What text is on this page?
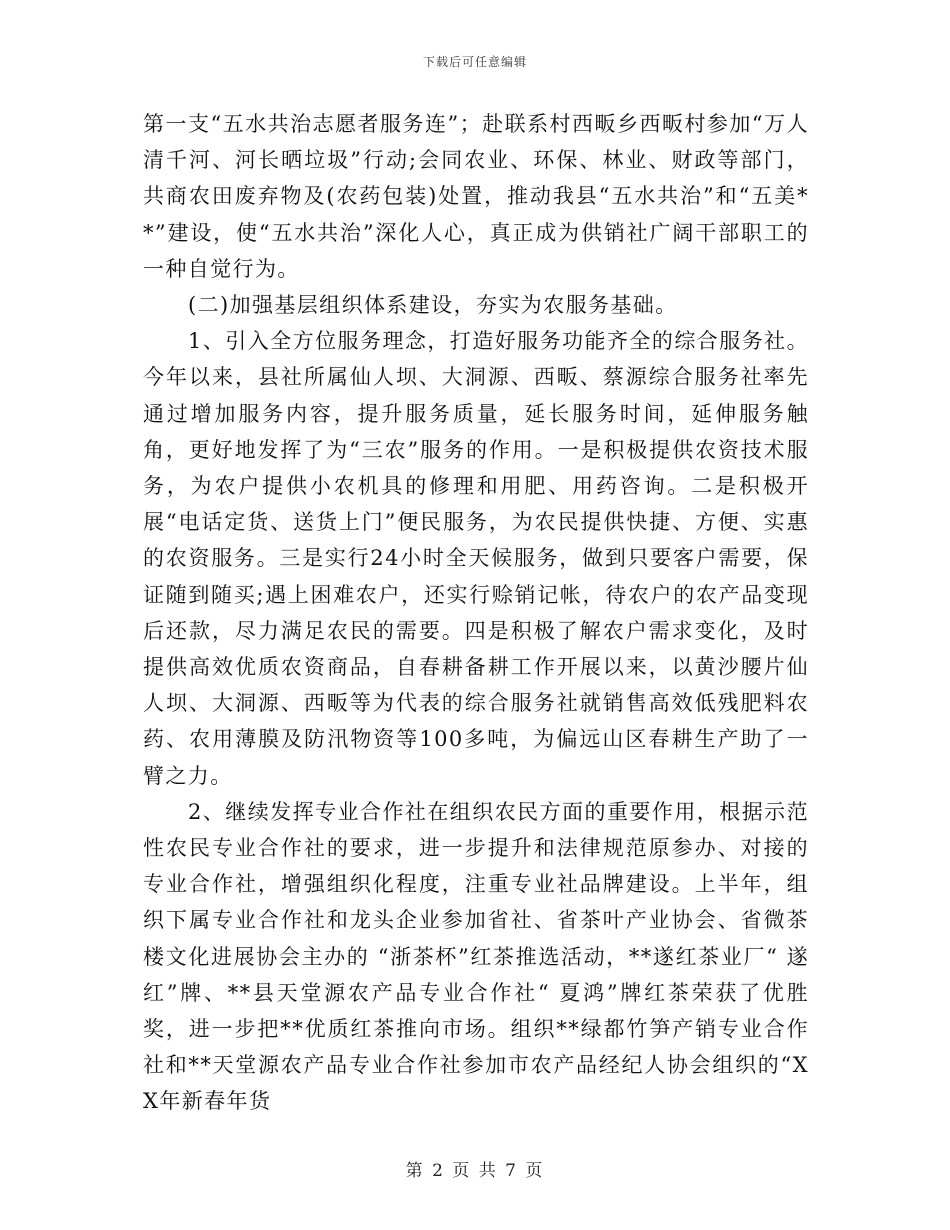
下载后可任意编辑

第一支“五水共治志愿者服务连”；赴联系村西畈乡西畈村参加“万人清千河、河长晒垃圾”行动;会同农业、环保、林业、财政等部门，共商农田废弃物及(农药包装)处置，推动我县“五水共治”和“五美**”建设，使“五水共治”深化人心，真正成为供销社广阔干部职工的一种自觉行为。

(二)加强基层组织体系建设，夯实为农服务基础。

1、引入全方位服务理念，打造好服务功能齐全的综合服务社。今年以来，县社所属仙人坝、大洞源、西畈、蔡源综合服务社率先通过增加服务内容，提升服务质量，延长服务时间，延伸服务触角，更好地发挥了为“三农”服务的作用。一是积极提供农资技术服务，为农户提供小农机具的修理和用肥、用药咨询。二是积极开展“电话定货、送货上门”便民服务，为农民提供快捷、方便、实惠的农资服务。三是实行24小时全天候服务，做到只要客户需要，保证随到随买;遇上困难农户，还实行赊销记帐，待农户的农产品变现后还款，尽力满足农民的需要。四是积极了解农户需求变化，及时提供高效优质农资商品，自春耕备耕工作开展以来，以黄沙腰片仙人坝、大洞源、西畈等为代表的综合服务社就销售高效低残肥料农药、农用薄膜及防汛物资等100多吨，为偏远山区春耕生产助了一臂之力。

2、继续发挥专业合作社在组织农民方面的重要作用，根据示范性农民专业合作社的要求，进一步提升和法律规范原参办、对接的专业合作社，增强组织化程度，注重专业社品牌建设。上半年，组织下属专业合作社和龙头企业参加省社、省茶叶产业协会、省微茶楼文化进展协会主办的 “浙茶杯”红茶推选活动，**遂红茶业厂“ 遂红”牌、**县天堂源农产品专业合作社“ 夏鸿”牌红茶荣获了优胜奖，进一步把**优质红茶推向市场。组织**绿都竹笋产销专业合作社和**天堂源农产品专业合作社参加市农产品经纪人协会组织的“XX年新春年货

第 2 页 共 7 页
